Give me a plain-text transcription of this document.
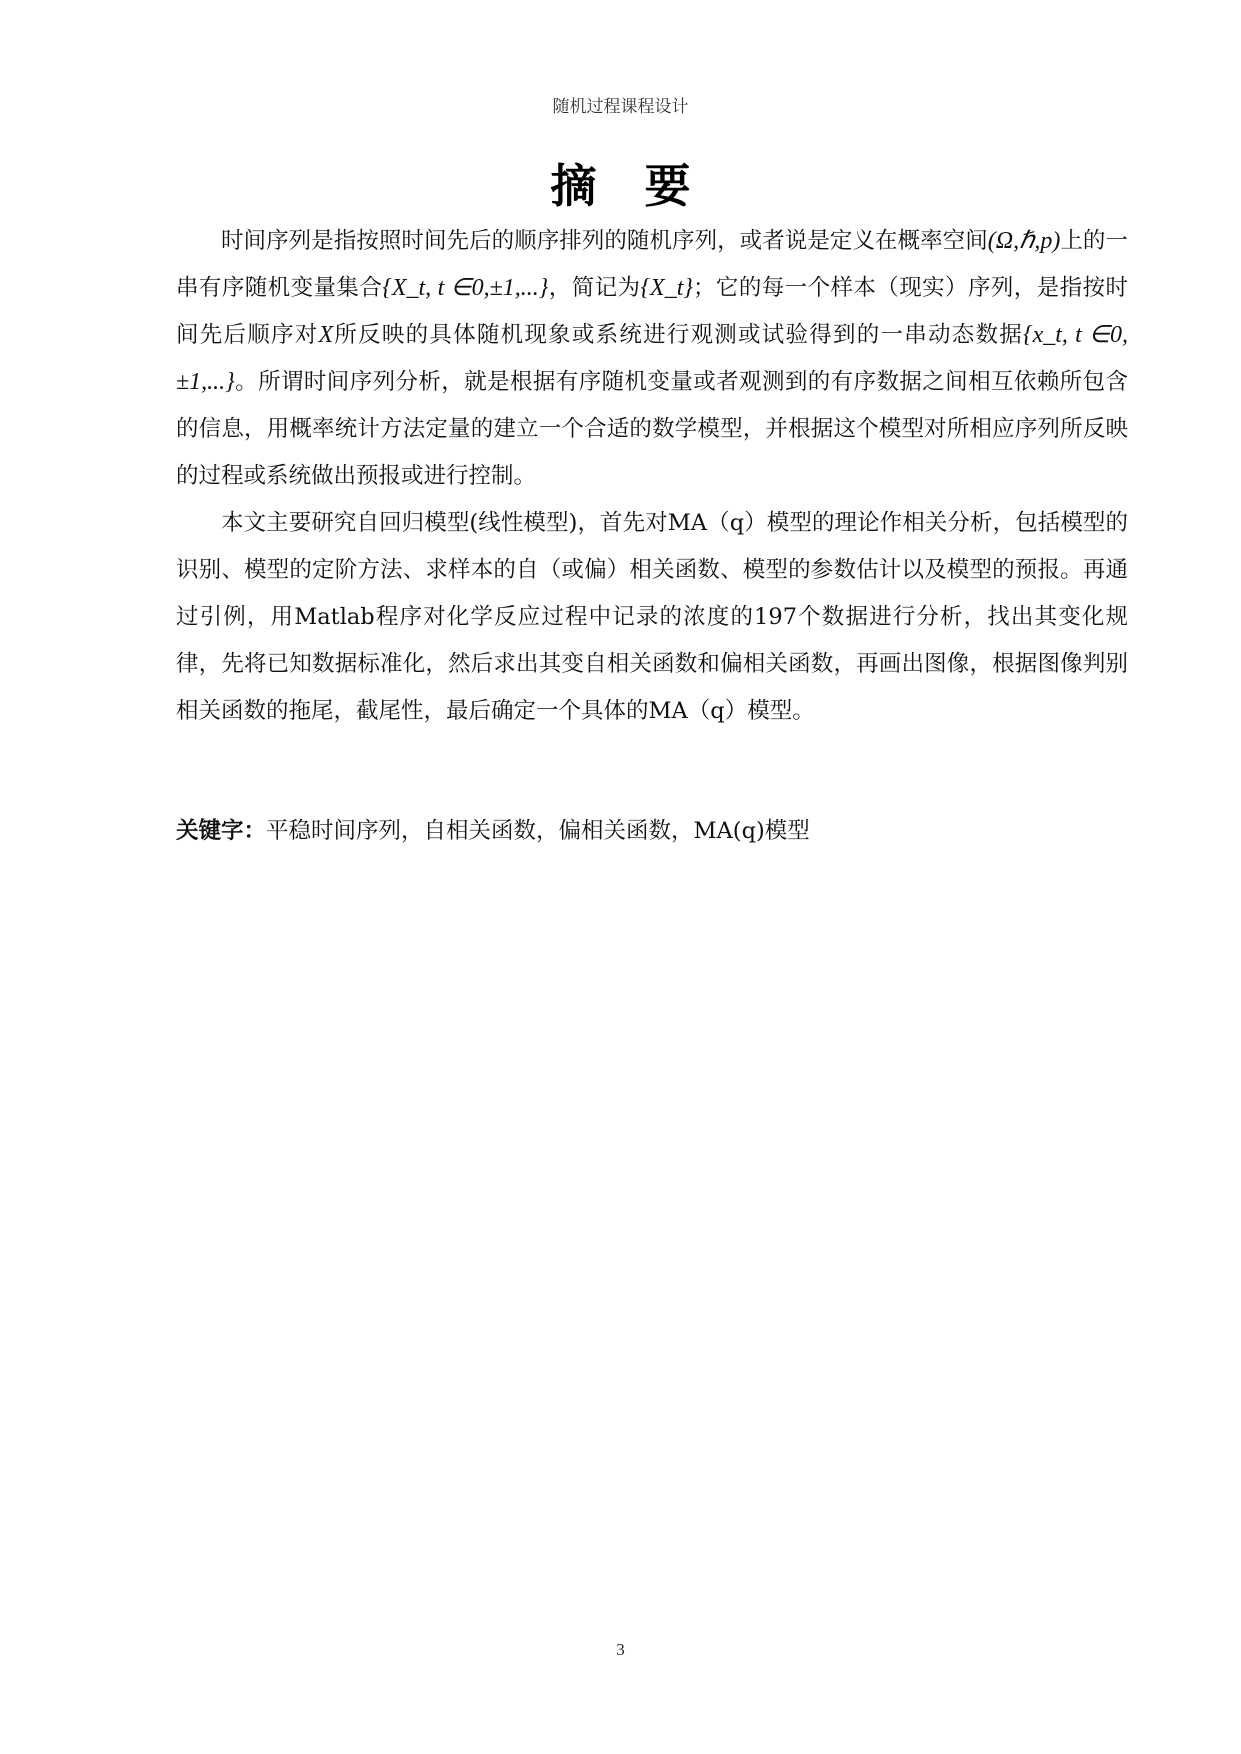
随机过程课程设计
摘要

时间序列是指按照时间先后的顺序排列的随机序列，或者说是定义在概率空间(Ω,ℏ,p)上的一串有序随机变量集合{X_t, t ∈0,±1,...}，简记为{X_t}；它的每一个样本（现实）序列，是指按时间先后顺序对X所反映的具体随机现象或系统进行观测或试验得到的一串动态数据{x_t, t ∈0,±1,...}。所谓时间序列分析，就是根据有序随机变量或者观测到的有序数据之间相互依赖所包含的信息，用概率统计方法定量的建立一个合适的数学模型，并根据这个模型对所相应序列所反映的过程或系统做出预报或进行控制。

本文主要研究自回归模型(线性模型)，首先对MA（q）模型的理论作相关分析，包括模型的识别、模型的定阶方法、求样本的自（或偏）相关函数、模型的参数估计以及模型的预报。再通过引例，用Matlab程序对化学反应过程中记录的浓度的197个数据进行分析，找出其变化规律，先将已知数据标准化，然后求出其变自相关函数和偏相关函数，再画出图像，根据图像判别相关函数的拖尾，截尾性，最后确定一个具体的MA（q）模型。

关键字：平稳时间序列，自相关函数，偏相关函数，MA(q)模型
3
